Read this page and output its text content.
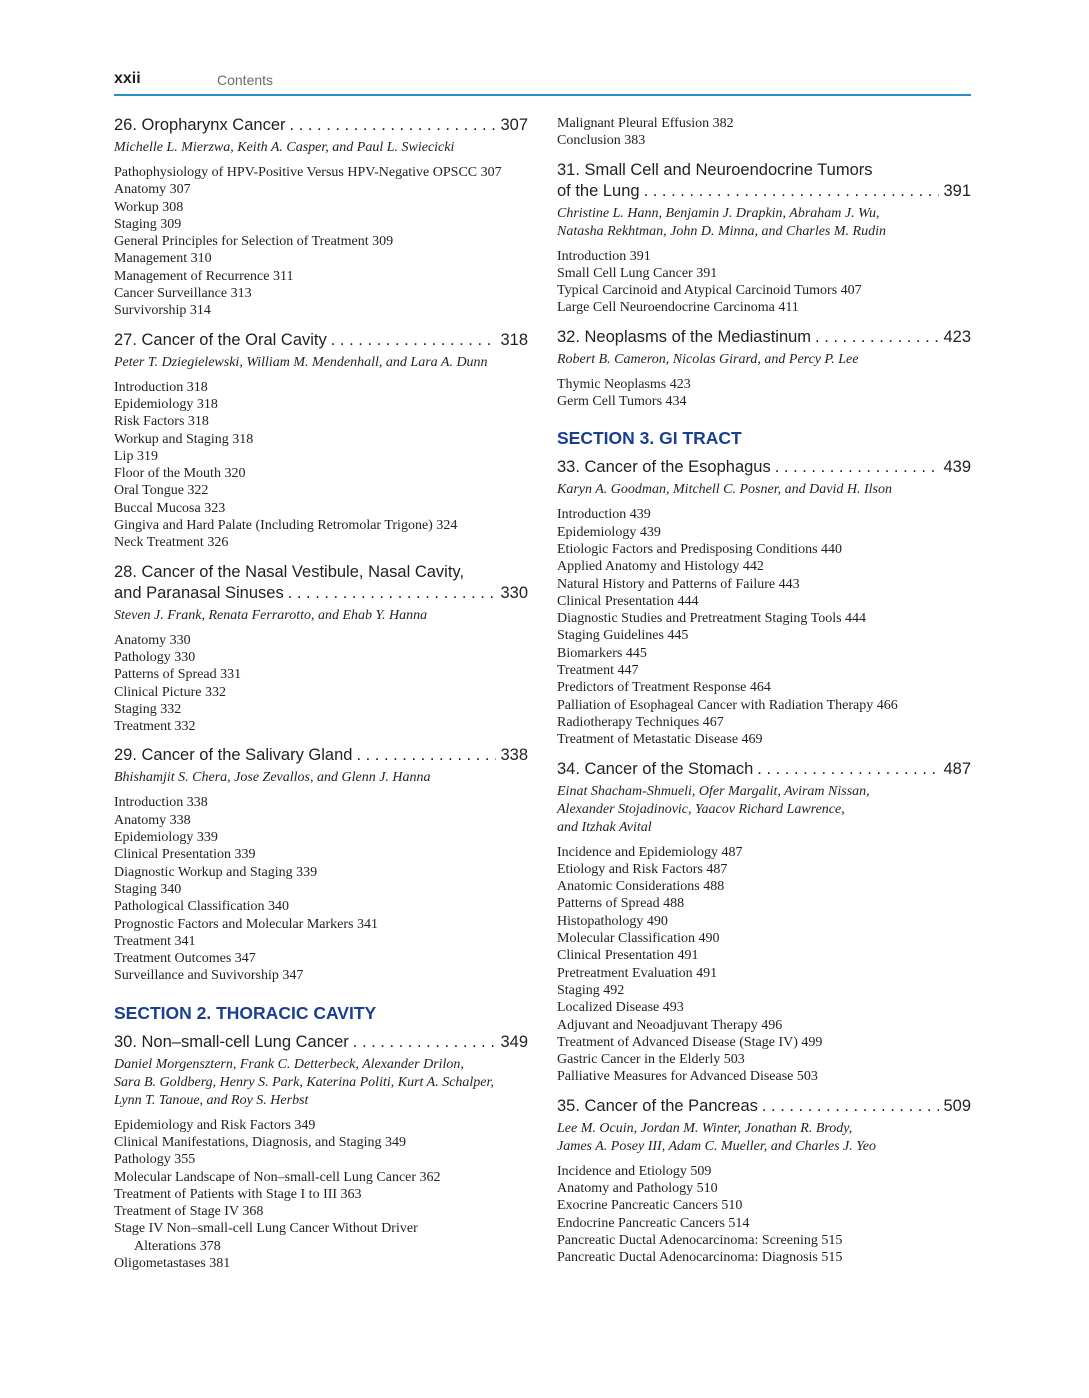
xxii	Contents
26. Oropharynx Cancer . . .	307
Michelle L. Mierzwa, Keith A. Casper, and Paul L. Swiecicki
Pathophysiology of HPV-Positive Versus HPV-Negative OPSCC 307
Anatomy 307
Workup 308
Staging 309
General Principles for Selection of Treatment 309
Management 310
Management of Recurrence 311
Cancer Surveillance 313
Survivorship 314
27. Cancer of the Oral Cavity . . .	318
Peter T. Dziegielewski, William M. Mendenhall, and Lara A. Dunn
Introduction 318
Epidemiology 318
Risk Factors 318
Workup and Staging 318
Lip 319
Floor of the Mouth 320
Oral Tongue 322
Buccal Mucosa 323
Gingiva and Hard Palate (Including Retromolar Trigone) 324
Neck Treatment 326
28. Cancer of the Nasal Vestibule, Nasal Cavity,
and Paranasal Sinuses . . .	330
Steven J. Frank, Renata Ferrarotto, and Ehab Y. Hanna
Anatomy 330
Pathology 330
Patterns of Spread 331
Clinical Picture 332
Staging 332
Treatment 332
29. Cancer of the Salivary Gland . . .	338
Bhishamjit S. Chera, Jose Zevallos, and Glenn J. Hanna
Introduction 338
Anatomy 338
Epidemiology 339
Clinical Presentation 339
Diagnostic Workup and Staging 339
Staging 340
Pathological Classification 340
Prognostic Factors and Molecular Markers 341
Treatment 341
Treatment Outcomes 347
Surveillance and Suvivorship 347
SECTION 2. THORACIC CAVITY
30. Non–small-cell Lung Cancer . . .	349
Daniel Morgensztern, Frank C. Detterbeck, Alexander Drilon,
Sara B. Goldberg, Henry S. Park, Katerina Politi, Kurt A. Schalper,
Lynn T. Tanoue, and Roy S. Herbst
Epidemiology and Risk Factors 349
Clinical Manifestations, Diagnosis, and Staging 349
Pathology 355
Molecular Landscape of Non–small-cell Lung Cancer 362
Treatment of Patients with Stage I to III 363
Treatment of Stage IV 368
Stage IV Non–small-cell Lung Cancer Without Driver
Alterations 378
Oligometastases 381
Malignant Pleural Effusion 382
Conclusion 383
31. Small Cell and Neuroendocrine Tumors
of the Lung . . .	391
Christine L. Hann, Benjamin J. Drapkin, Abraham J. Wu,
Natasha Rekhtman, John D. Minna, and Charles M. Rudin
Introduction 391
Small Cell Lung Cancer 391
Typical Carcinoid and Atypical Carcinoid Tumors 407
Large Cell Neuroendocrine Carcinoma 411
32. Neoplasms of the Mediastinum . . .	423
Robert B. Cameron, Nicolas Girard, and Percy P. Lee
Thymic Neoplasms 423
Germ Cell Tumors 434
SECTION 3. GI TRACT
33. Cancer of the Esophagus . . .	439
Karyn A. Goodman, Mitchell C. Posner, and David H. Ilson
Introduction 439
Epidemiology 439
Etiologic Factors and Predisposing Conditions 440
Applied Anatomy and Histology 442
Natural History and Patterns of Failure 443
Clinical Presentation 444
Diagnostic Studies and Pretreatment Staging Tools 444
Staging Guidelines 445
Biomarkers 445
Treatment 447
Predictors of Treatment Response 464
Palliation of Esophageal Cancer with Radiation Therapy 466
Radiotherapy Techniques 467
Treatment of Metastatic Disease 469
34. Cancer of the Stomach . . .	487
Einat Shacham-Shmueli, Ofer Margalit, Aviram Nissan,
Alexander Stojadinovic, Yaacov Richard Lawrence,
and Itzhak Avital
Incidence and Epidemiology 487
Etiology and Risk Factors 487
Anatomic Considerations 488
Patterns of Spread 488
Histopathology 490
Molecular Classification 490
Clinical Presentation 491
Pretreatment Evaluation 491
Staging 492
Localized Disease 493
Adjuvant and Neoadjuvant Therapy 496
Treatment of Advanced Disease (Stage IV) 499
Gastric Cancer in the Elderly 503
Palliative Measures for Advanced Disease 503
35. Cancer of the Pancreas . . .	509
Lee M. Ocuin, Jordan M. Winter, Jonathan R. Brody,
James A. Posey III, Adam C. Mueller, and Charles J. Yeo
Incidence and Etiology 509
Anatomy and Pathology 510
Exocrine Pancreatic Cancers 510
Endocrine Pancreatic Cancers 514
Pancreatic Ductal Adenocarcinoma: Screening 515
Pancreatic Ductal Adenocarcinoma: Diagnosis 515
